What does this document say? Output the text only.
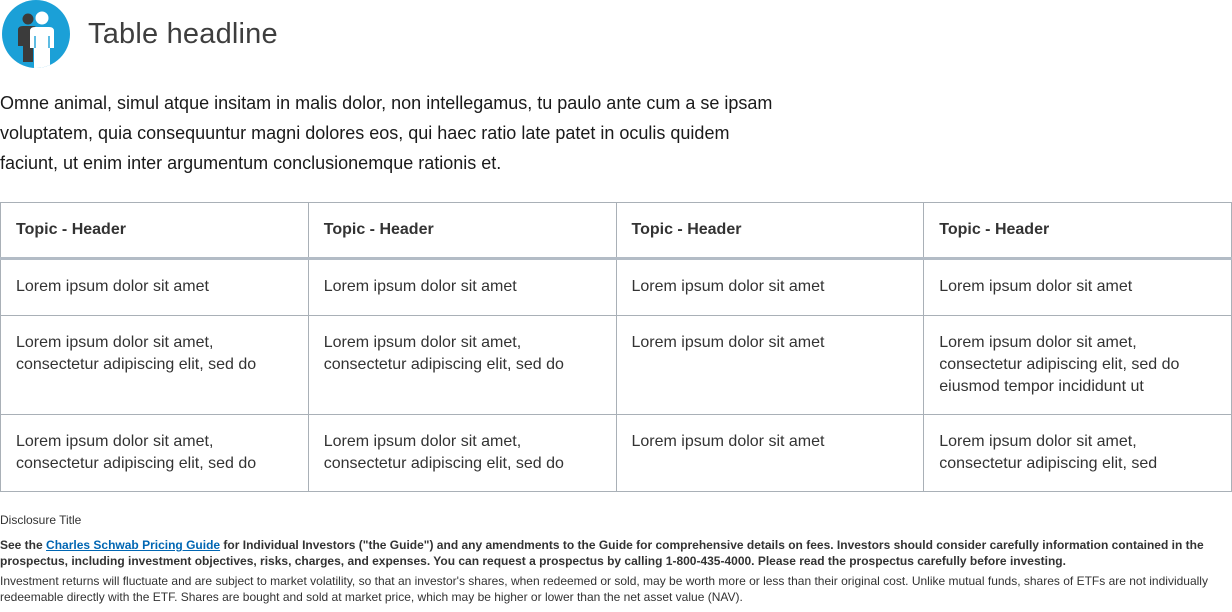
Table headline

Omne animal, simul atque insitam in malis dolor, non intellegamus, tu paulo ante cum a se ipsam voluptatem, quia consequuntur magni dolores eos, qui haec ratio late patet in oculis quidem faciunt, ut enim inter argumentum conclusionemque rationis et.

Topic - Header	Topic - Header	Topic - Header	Topic - Header
Lorem ipsum dolor sit amet	Lorem ipsum dolor sit amet	Lorem ipsum dolor sit amet	Lorem ipsum dolor sit amet
Lorem ipsum dolor sit amet, consectetur adipiscing elit, sed do	Lorem ipsum dolor sit amet, consectetur adipiscing elit, sed do	Lorem ipsum dolor sit amet	Lorem ipsum dolor sit amet, consectetur adipiscing elit, sed do eiusmod tempor incididunt ut
Lorem ipsum dolor sit amet, consectetur adipiscing elit, sed do	Lorem ipsum dolor sit amet, consectetur adipiscing elit, sed do	Lorem ipsum dolor sit amet	Lorem ipsum dolor sit amet, consectetur adipiscing elit, sed
Disclosure Title
See the Charles Schwab Pricing Guide for Individual Investors ("the Guide") and any amendments to the Guide for comprehensive details on fees. Investors should consider carefully information contained in the prospectus, including investment objectives, risks, charges, and expenses. You can request a prospectus by calling 1-800-435-4000. Please read the prospectus carefully before investing.
Investment returns will fluctuate and are subject to market volatility, so that an investor's shares, when redeemed or sold, may be worth more or less than their original cost. Unlike mutual funds, shares of ETFs are not individually redeemable directly with the ETF. Shares are bought and sold at market price, which may be higher or lower than the net asset value (NAV).
